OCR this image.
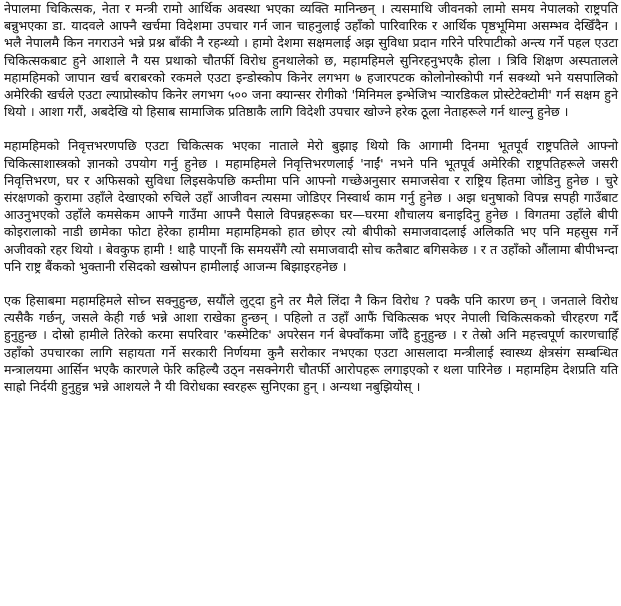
नेपालमा चिकित्सक, नेता र मन्त्री रामो आर्थिक अवस्था भएका व्यक्ति मानिन्छन् । त्यसमाथि जीवनको लामो समय नेपालको राष्ट्रपति बन्नुभएका डा. यादवले आफ्नै खर्चमा विदेशमा उपचार गर्न जान चाहनुलाई उहाँको पारिवारिक र आर्थिक पृष्ठभूमिमा असम्भव देखिँदैन । भलै नेपालमै किन नगराउने भन्ने प्रश्न बाँकी नै रहन्थ्यो । हामो देशमा सक्षमलाई अझ सुविधा प्रदान गरिने परिपाटीको अन्त्य गर्ने पहल एउटा चिकित्सकबाट हुने आशाले नै यस प्रथाको चौतर्फी विरोध हुनथालेको छ, महामहिमले सुनिरहनुभएकै होला । त्रिवि शिक्षण अस्पतालले महामहिमको जापान खर्च बराबरको रकमले एउटा इन्डोस्कोप किनेर लगभग ७ हजारपटक कोलोनोस्कोपी गर्न सक्थ्यो भने यसपालिको अमेरिकी खर्चले एउटा ल्याप्रोस्कोप किनेर लगभग ५०० जना क्यान्सर रोगीको 'मिनिमल इन्भेजिभ र्‍यारडिकल प्रोस्टेटेक्टोमी' गर्न सक्षम हुने थियो । आशा गरौं, अबदेखि यो हिसाब सामाजिक प्रतिष्ठाकै लागि विदेशी उपचार खोज्ने हरेक ठूला नेताहरूले गर्न थाल्नु हुनेछ ।

महामहिमको निवृत्तभरणपछि एउटा चिकित्सक भएका नाताले मेरो बुझाइ थियो कि आगामी दिनमा भूतपूर्व राष्ट्रपतिले आफ्नो चिकित्साशास्त्रको ज्ञानको उपयोग गर्नु हुनेछ । महामहिमले निवृत्तिभरणलाई 'नाईं' नभने पनि भूतपूर्व अमेरिकी राष्ट्रपतिहरूले जसरी निवृत्तिभरण, घर र अफिसको सुविधा लिइसकेपछि कम्तीमा पनि आफ्नो गच्छेअनुसार समाजसेवा र राष्ट्रिय हितमा जोडिनु हुनेछ । चुरे संरक्षणको कुरामा उहाँले देखाएको रुचिले उहाँ आजीवन त्यसमा जोडिएर निस्वार्थ काम गर्नु हुनेछ । अझ धनुषाको विपन्न सपही गाउँबाट आउनुभएको उहाँले कमसेकम आफ्नै गाउँमा आफ्नै पैसाले विपन्नहरूका घर—घरमा शौचालय बनाइदिनु हुनेछ । विगतमा उहाँले बीपी कोइरालाको नाडी छामेका फोटा हेरेका हामीमा महामहिमको हात छोएर त्यो बीपीको समाजवादलाई अलिकति भए पनि महसुस गर्ने अजीवको रहर थियो । बेवकुफ हामी ! थाहै पाएनौं कि समयसँगै त्यो समाजवादी सोच कतैबाट बगिसकेछ । र त उहाँको औंलामा बीपीभन्दा पनि राष्ट्र बैंकको भुक्तानी रसिदको खस्रोपन हामीलाई आजन्म बिझाइरहनेछ ।

एक हिसाबमा महामहिमले सोच्न सक्नुहुन्छ, सयौंले लुट्दा हुने तर मैले लिंदा नै किन विरोध ? पक्कै पनि कारण छन् । जनताले विरोध त्यसैकै गर्छन्, जसले केही गर्छ भन्ने आशा राखेका हुन्छन् । पहिलो त उहाँ आफैं चिकित्सक भएर नेपाली चिकित्सकको चीरहरण गर्दै हुनुहुन्छ । दोस्रो हामीले तिरेको करमा सपरिवार 'कस्मेटिक' अपरेसन गर्न बेफ्वाँकमा जाँदै हुनुहुन्छ । र तेस्रो अनि महत्त्वपूर्ण कारणचाहिँ उहाँको उपचारका लागि सहायता गर्ने सरकारी निर्णयमा कुनै सरोकार नभएका एउटा आसलादा मन्त्रीलाई स्वास्थ्य क्षेत्रसंग सम्बन्धित मन्त्रालयमा आर्सिन भएकै कारणले फेरि कहिल्यै उठ्न नसक्नेगरी चौतर्फी आरोपहरू लगाइएको र थला पारिनेछ । महामहिम देशप्रति यति साह्रो निर्दयी हुनुहुन्न भन्ने आशयले नै यी विरोधका स्वरहरू सुनिएका हुन् । अन्यथा नबुझियोस् ।
